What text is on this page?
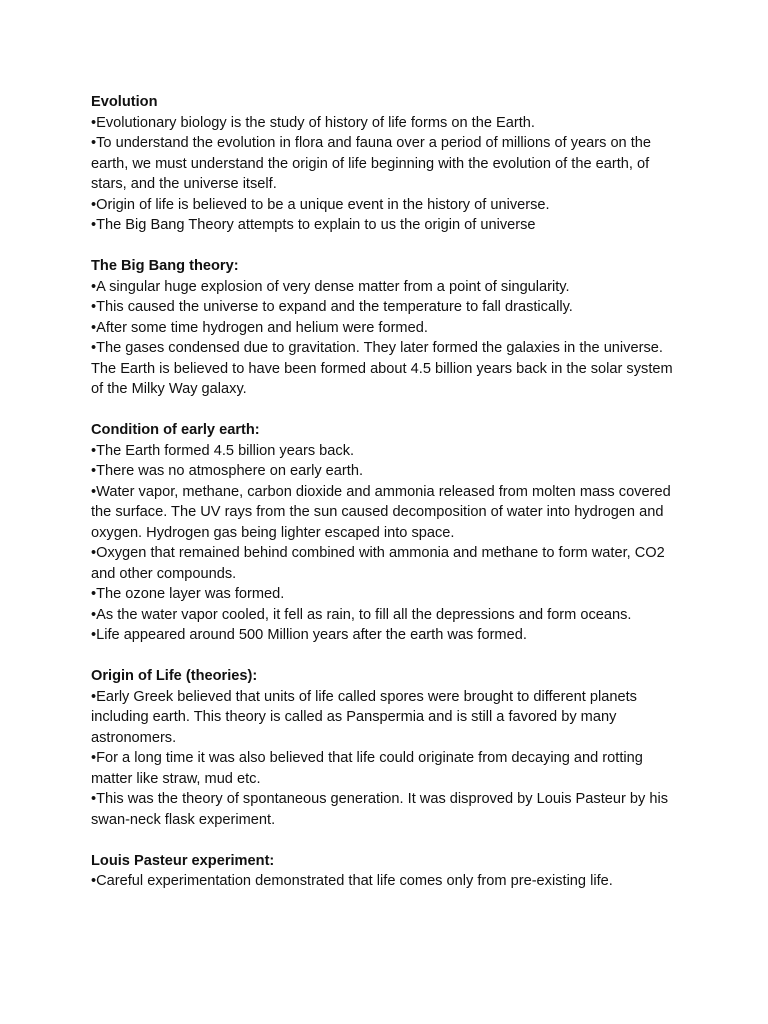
Evolution

•Evolutionary biology is the study of history of life forms on the Earth.

•To understand the evolution in flora and fauna over a period of millions of years on the earth, we must understand the origin of life beginning with the evolution of the earth, of stars, and the universe itself.

•Origin of life is believed to be a unique event in the history of universe.

•The Big Bang Theory attempts to explain to us the origin of universe

The Big Bang theory:

•A singular huge explosion of very dense matter from a point of singularity.

•This caused the universe to expand and the temperature to fall drastically.

•After some time hydrogen and helium were formed.

•The gases condensed due to gravitation. They later formed the galaxies in the universe. The Earth is believed to have been formed about 4.5 billion years back in the solar system of the Milky Way galaxy.

Condition of early earth:

•The Earth formed 4.5 billion years back.

•There was no atmosphere on early earth.

•Water vapor, methane, carbon dioxide and ammonia released from molten mass covered the surface. The UV rays from the sun caused decomposition of water into hydrogen and oxygen. Hydrogen gas being lighter escaped into space.

•Oxygen that remained behind combined with ammonia and methane to form water, CO2 and other compounds.

•The ozone layer was formed.

•As the water vapor cooled, it fell as rain, to fill all the depressions and form oceans.

•Life appeared around 500 Million years after the earth was formed.

Origin of Life (theories):

•Early Greek believed that units of life called spores were brought to different planets including earth. This theory is called as Panspermia and is still a favored by many astronomers.

•For a long time it was also believed that life could originate from decaying and rotting matter like straw, mud etc.

•This was the theory of spontaneous generation. It was disproved by Louis Pasteur by his swan-neck flask experiment.

Louis Pasteur experiment:

•Careful experimentation demonstrated that life comes only from pre-existing life.
